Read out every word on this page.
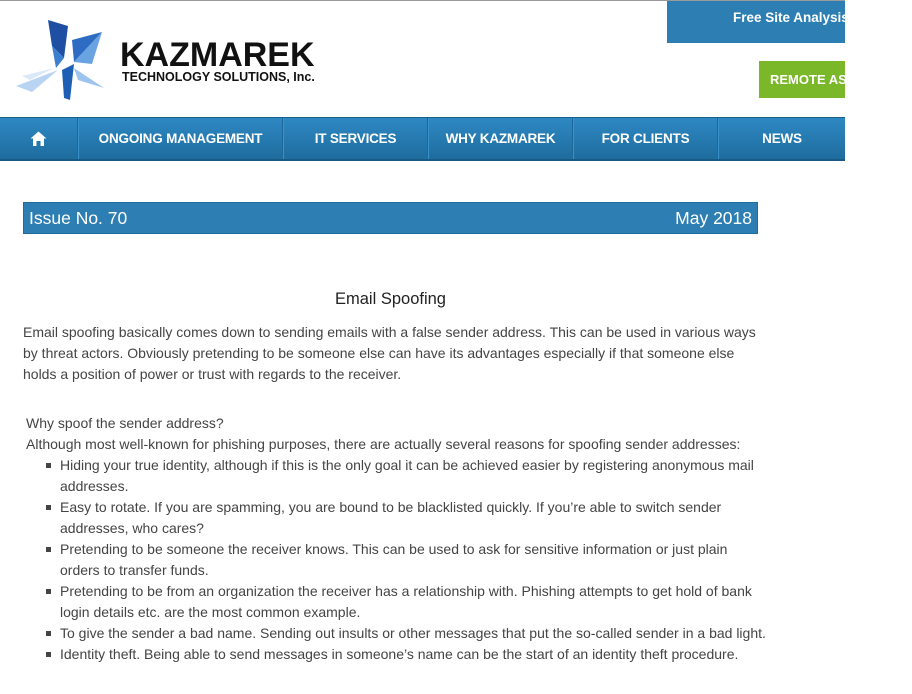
KAZMAREK
TECHNOLOGY SOLUTIONS, Inc.
Free Site Analysis
REMOTE ASSISTANCE
ONGOING MANAGEMENT	IT SERVICES	WHY KAZMAREK	FOR CLIENTS	NEWS
Issue No. 70	May 2018
Email Spoofing

Email spoofing basically comes down to sending emails with a false sender address. This can be used in various ways by threat actors. Obviously pretending to be someone else can have its advantages especially if that someone else holds a position of power or trust with regards to the receiver.

Why spoof the sender address?
Although most well-known for phishing purposes, there are actually several reasons for spoofing sender addresses:
Hiding your true identity, although if this is the only goal it can be achieved easier by registering anonymous mail addresses.
Easy to rotate. If you are spamming, you are bound to be blacklisted quickly. If you’re able to switch sender addresses, who cares?
Pretending to be someone the receiver knows. This can be used to ask for sensitive information or just plain orders to transfer funds.
Pretending to be from an organization the receiver has a relationship with. Phishing attempts to get hold of bank login details etc. are the most common example.
To give the sender a bad name. Sending out insults or other messages that put the so-called sender in a bad light.
Identity theft. Being able to send messages in someone’s name can be the start of an identity theft procedure.
